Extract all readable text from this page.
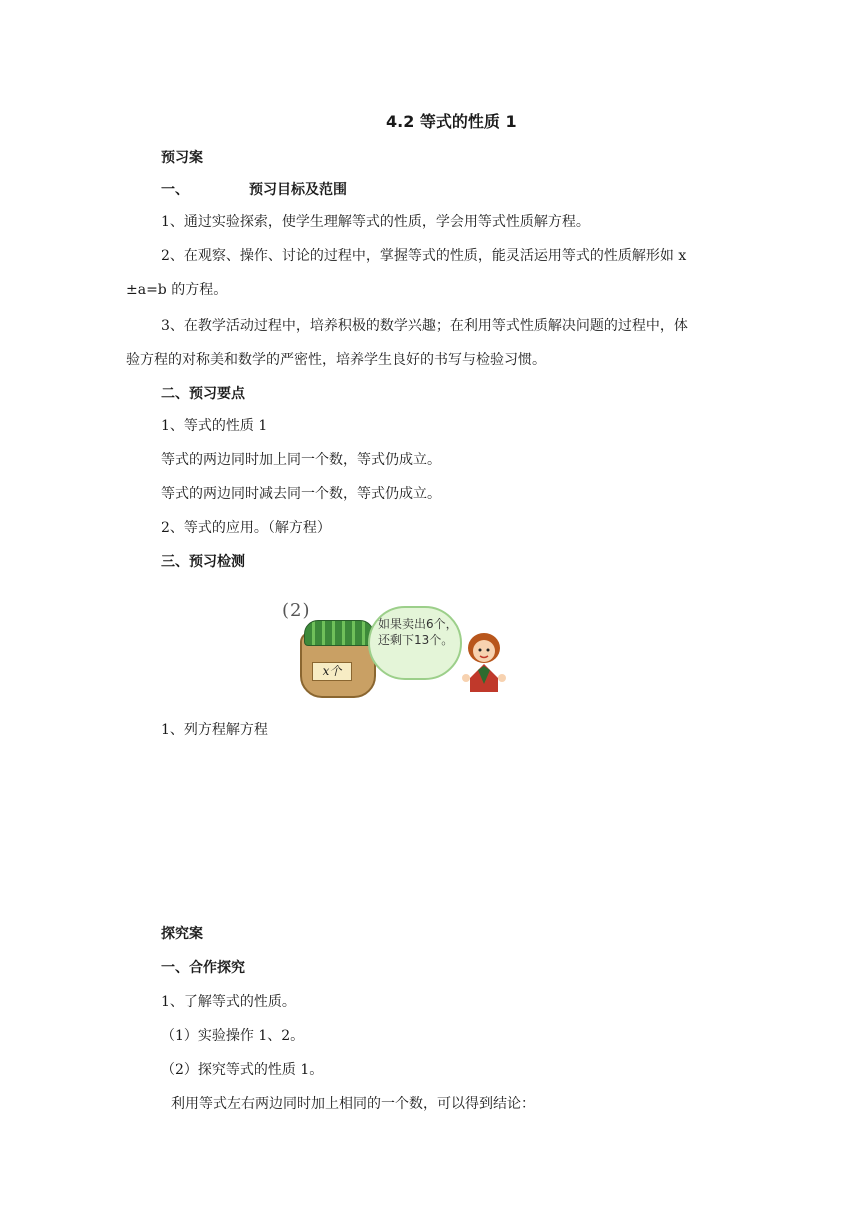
4.2 等式的性质 1
预习案
一、	预习目标及范围
1、通过实验探索，使学生理解等式的性质，学会用等式性质解方程。
2、在观察、操作、讨论的过程中，掌握等式的性质，能灵活运用等式的性质解形如 x
±a=b 的方程。
3、在教学活动过程中，培养积极的数学兴趣；在利用等式性质解决问题的过程中，体
验方程的对称美和数学的严密性，培养学生良好的书写与检验习惯。
二、预习要点
1、等式的性质 1
等式的两边同时加上同一个数，等式仍成立。
等式的两边同时减去同一个数，等式仍成立。
2、等式的应用。（解方程）
三、预习检测
(2)
x个
如果卖出6个，还剩下13个。
1、列方程解方程
探究案
一、合作探究
1、了解等式的性质。
（1）实验操作 1、2。
（2）探究等式的性质 1。
利用等式左右两边同时加上相同的一个数，可以得到结论：
